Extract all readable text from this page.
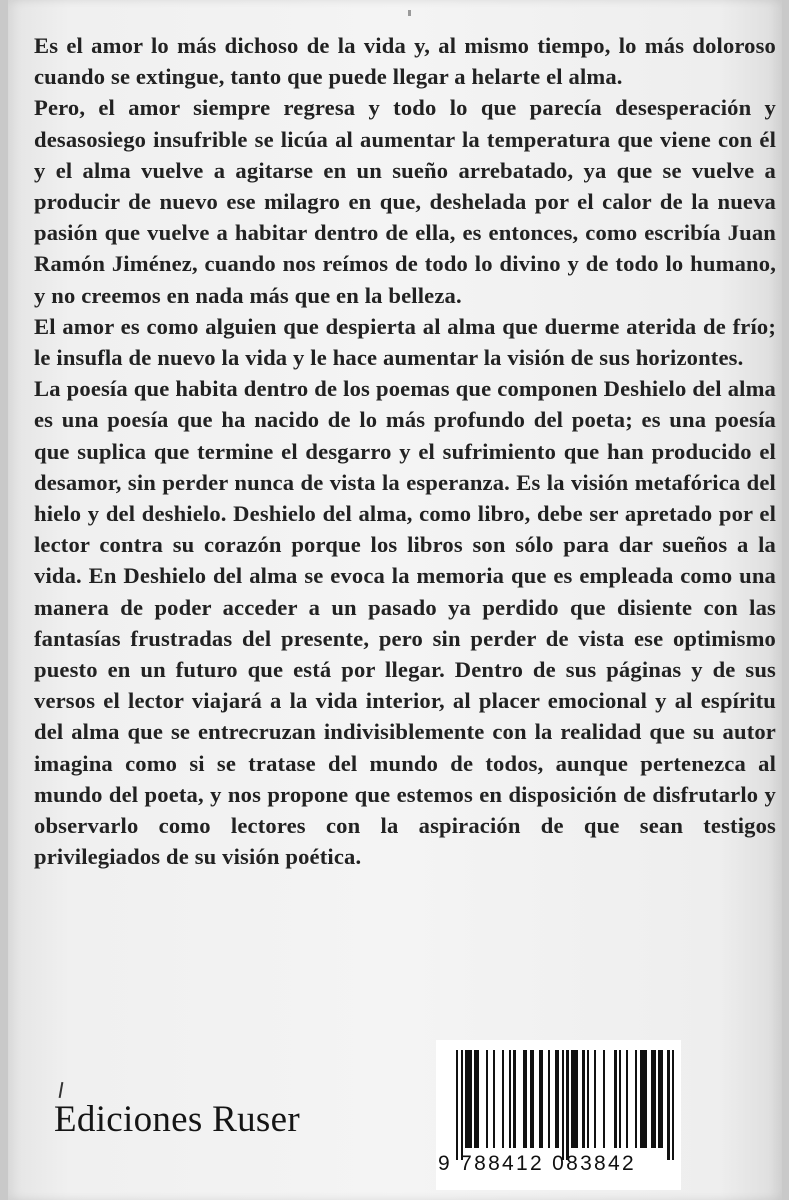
Es el amor lo más dichoso de la vida y, al mismo tiempo, lo más doloroso cuando se extingue, tanto que puede llegar a helarte el alma.

Pero, el amor siempre regresa y todo lo que parecía desesperación y desasosiego insufrible se licúa al aumentar la temperatura que viene con él y el alma vuelve a agitarse en un sueño arrebatado, ya que se vuelve a producir de nuevo ese milagro en que, deshelada por el calor de la nueva pasión que vuelve a habitar dentro de ella, es entonces, como escribía Juan Ramón Jiménez, cuando nos reímos de todo lo divino y de todo lo humano, y no creemos en nada más que en la belleza.

El amor es como alguien que despierta al alma que duerme aterida de frío; le insufla de nuevo la vida y le hace aumentar la visión de sus horizontes.

La poesía que habita dentro de los poemas que componen Deshielo del alma es una poesía que ha nacido de lo más profundo del poeta; es una poesía que suplica que termine el desgarro y el sufrimiento que han producido el desamor, sin perder nunca de vista la esperanza. Es la visión metafórica del hielo y del deshielo. Deshielo del alma, como libro, debe ser apretado por el lector contra su corazón porque los libros son sólo para dar sueños a la vida. En Deshielo del alma se evoca la memoria que es empleada como una manera de poder acceder a un pasado ya perdido que disiente con las fantasías frustradas del presente, pero sin perder de vista ese optimismo puesto en un futuro que está por llegar. Dentro de sus páginas y de sus versos el lector viajará a la vida interior, al placer emocional y al espíritu del alma que se entrecruzan indivisiblemente con la realidad que su autor imagina como si se tratase del mundo de todos, aunque pertenezca al mundo del poeta, y nos propone que estemos en disposición de disfrutarlo y observarlo como lectores con la aspiración de que sean testigos privilegiados de su visión poética.

Ediciones Ruser
9 788412 083842
